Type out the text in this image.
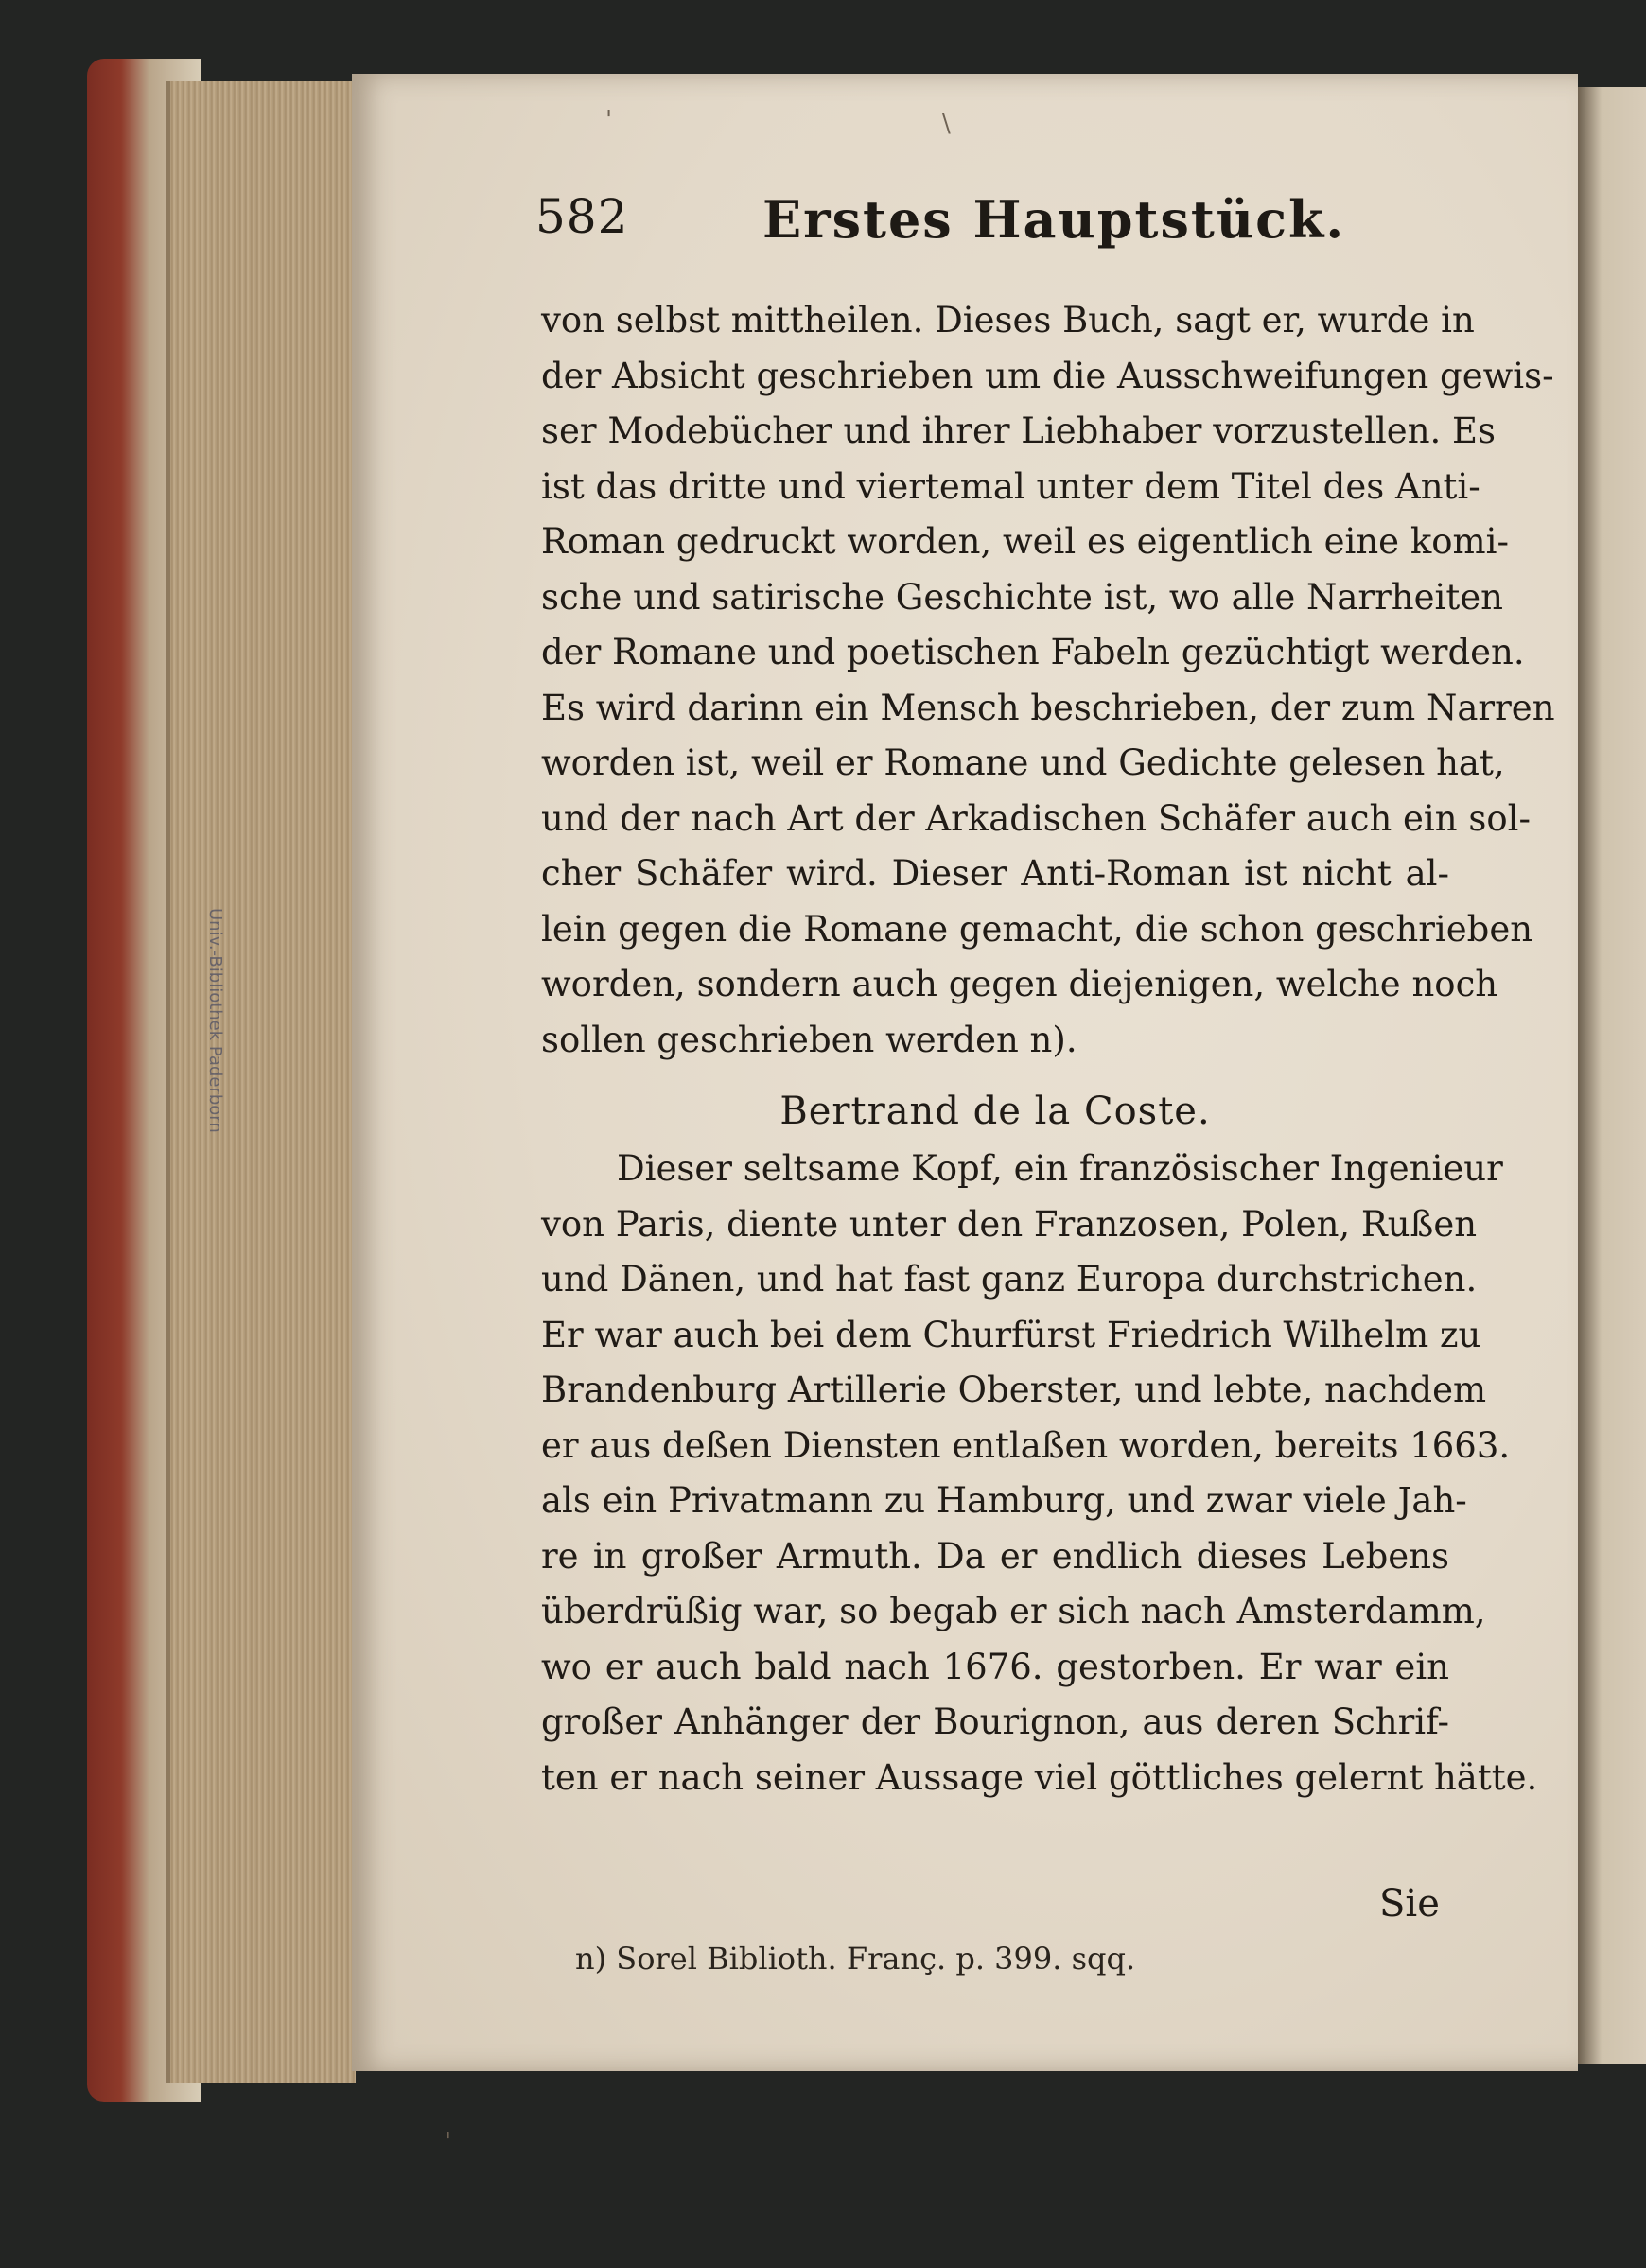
Univ.-Bibliothek Paderborn
'	\
'
582	Erstes Hauptstück.
von selbst mittheilen. Dieses Buch, sagt er, wurde in
der Absicht geschrieben um die Ausschweifungen gewis-
ser Modebücher und ihrer Liebhaber vorzustellen. Es
ist das dritte und viertemal unter dem Titel des Anti-
Roman gedruckt worden, weil es eigentlich eine komi-
sche und satirische Geschichte ist, wo alle Narrheiten
der Romane und poetischen Fabeln gezüchtigt werden.
Es wird darinn ein Mensch beschrieben, der zum Narren
worden ist, weil er Romane und Gedichte gelesen hat,
und der nach Art der Arkadischen Schäfer auch ein sol-
cher Schäfer wird. Dieser Anti-Roman ist nicht al-
lein gegen die Romane gemacht, die schon geschrieben
worden, sondern auch gegen diejenigen, welche noch
sollen geschrieben werden n).
Bertrand de la Coste.
Dieser seltsame Kopf, ein französischer Ingenieur
von Paris, diente unter den Franzosen, Polen, Rußen
und Dänen, und hat fast ganz Europa durchstrichen.
Er war auch bei dem Churfürst Friedrich Wilhelm zu
Brandenburg Artillerie Oberster, und lebte, nachdem
er aus deßen Diensten entlaßen worden, bereits 1663.
als ein Privatmann zu Hamburg, und zwar viele Jah-
re in großer Armuth. Da er endlich dieses Lebens
überdrüßig war, so begab er sich nach Amsterdamm,
wo er auch bald nach 1676. gestorben. Er war ein
großer Anhänger der Bourignon, aus deren Schrif-
ten er nach seiner Aussage viel göttliches gelernt hätte.
Sie
n) Sorel Biblioth. Franç. p. 399. sqq.
